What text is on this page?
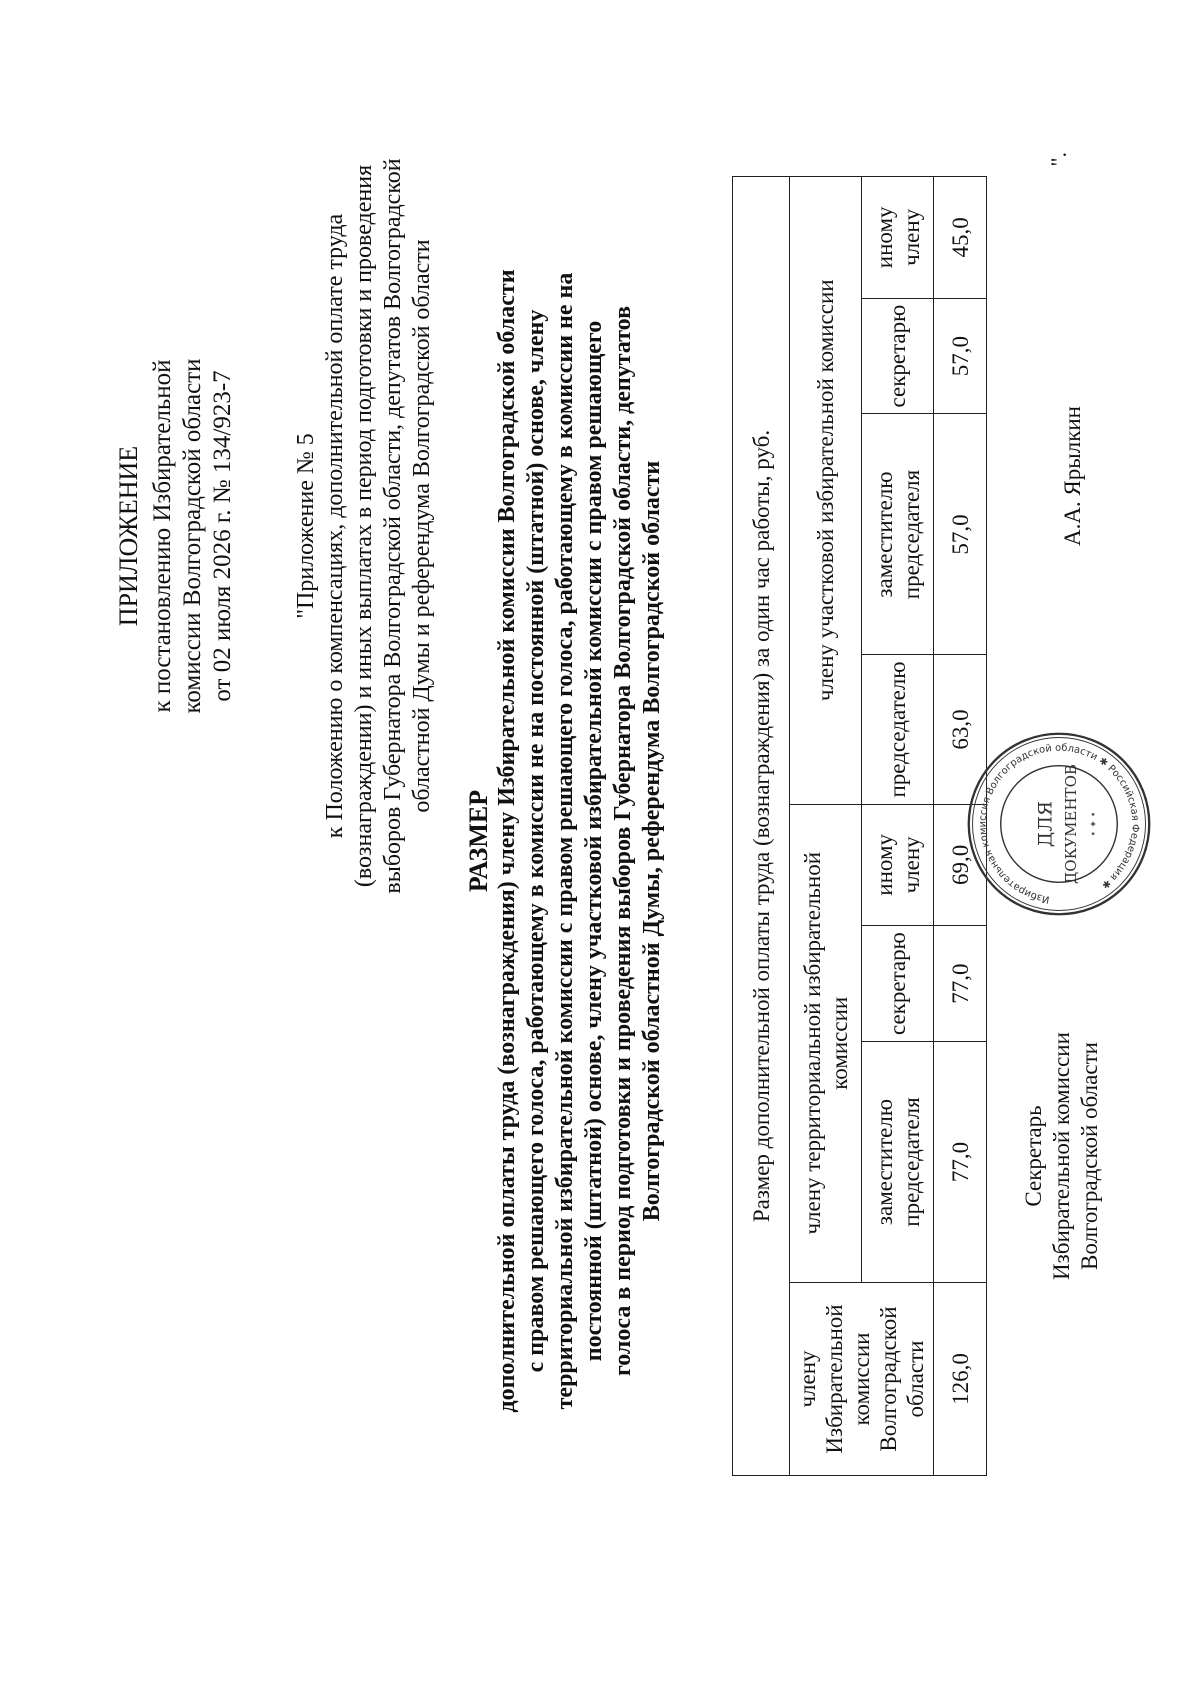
ПРИЛОЖЕНИЕ к постановлению Избирательной комиссии Волгоградской области от 02 июля 2026 г. № 134/923-7 "Приложение № 5 к Положению о компенсациях, дополнительной оплате труда (вознаграждении) и иных выплатах в период подготовки и проведения выборов Губернатора Волгоградской области, депутатов Волгоградской областной Думы и референдума Волгоградской области
РАЗМЕР дополнительной оплаты труда (вознаграждения) члену Избирательной комиссии Волгоградской области с правом решающего голоса, работающему в комиссии не на постоянной (штатной) основе, члену территориальной избирательной комиссии с правом решающего голоса, работающему в комиссии не на постоянной (штатной) основе, члену участковой избирательной комиссии с правом решающего голоса в период подготовки и проведения выборов Губернатора Волгоградской области, депутатов Волгоградской областной Думы, референдума Волгоградской области	Размер дополнительной оплаты труда (вознаграждения) за один час работы, руб.							
члену Избирательной комиссии Волгоградской области	члену территориальной избирательной комиссии			члену участковой избирательной комиссии			
	заместителю председателя	секретарю	иному члену	председателю	заместителю председателя	секретарю	иному члену
126,0	77,0	77,0	69,0	63,0	57,0	57,0	45,0
".
Секретарь Избирательной комиссии Волгоградской области
Избирательная комиссия Волгоградской области ✱ Российская Федерация ✱
ДЛЯ ДОКУМЕНТОВ • ✦ •
А.А. Ярылкин
